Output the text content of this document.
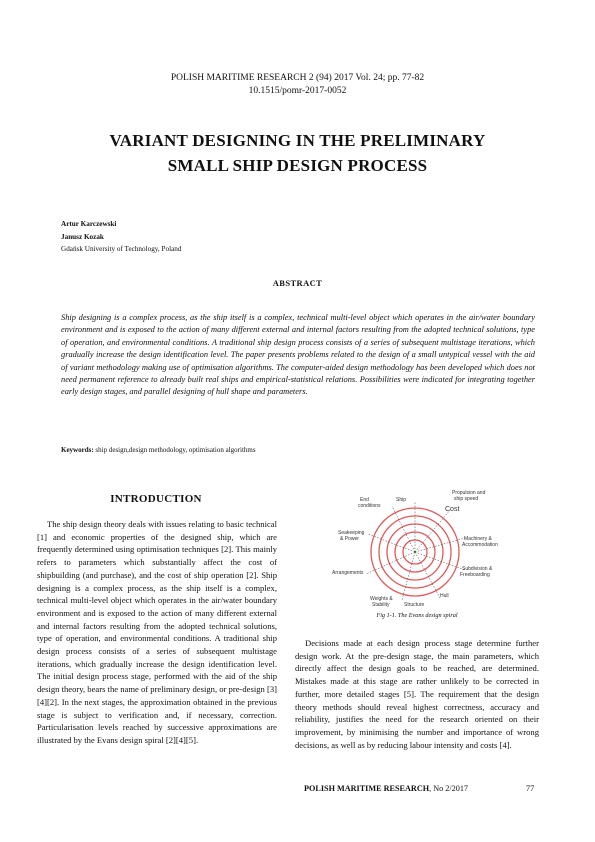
POLISH MARITIME RESEARCH 2 (94) 2017 Vol. 24; pp. 77-82
10.1515/pomr-2017-0052
VARIANT DESIGNING IN THE PRELIMINARY
SMALL SHIP DESIGN PROCESS
Artur Karczewski
Janusz Kozak
Gdańsk University of Technology, Poland
ABSTRACT
Ship designing is a complex process, as the ship itself is a complex, technical multi-level object which operates in the air/water boundary environment and is exposed to the action of many different external and internal factors resulting from the adopted technical solutions, type of operation, and environmental conditions. A traditional ship design process consists of a series of subsequent multistage iterations, which gradually increase the design identification level. The paper presents problems related to the design of a small untypical vessel with the aid of variant methodology making use of optimisation algorithms. The computer-aided design methodology has been developed which does not need permanent reference to already built real ships and empirical-statistical relations. Possibilities were indicated for integrating together early design stages, and parallel designing of hull shape and parameters.
Keywords: ship design,design methodology, optimisation algorithms
INTRODUCTION
The ship design theory deals with issues relating to basic technical [1] and economic properties of the designed ship, which are frequently determined using optimisation techniques [2]. This mainly refers to parameters which substantially affect the cost of shipbuilding (and purchase), and the cost of ship operation [2]. Ship designing is a complex process, as the ship itself is a complex, technical multi-level object which operates in the air/water boundary environment and is exposed to the action of many different external and internal factors resulting from the adopted technical solutions, type of operation, and environmental conditions. A traditional ship design process consists of a series of subsequent multistage iterations, which gradually increase the design identification level. The initial design process stage, performed with the aid of the ship design theory, bears the name of preliminary design, or pre-design [3][4][2]. In the next stages, the approximation obtained in the previous stage is subject to verification and, if necessary, correction. Particularisation levels reached by successive approximations are illustrated by the Evans design spiral [2][4][5].
Ship
End
conditions
Propulsion and
ship speed
Cost
Seakeeping
& Power	Machinery &
Accommodation
Arrangements
Subdivision &
Freeboarding
Hull
Weights &
Stability	Structure
Fig 1-1. The Evans design spiral
Decisions made at each design process stage determine further design work. At the pre-design stage, the main parameters, which directly affect the design goals to be reached, are determined. Mistakes made at this stage are rather unlikely to be corrected in further, more detailed stages [5]. The requirement that the design theory methods should reveal highest correctness, accuracy and reliability, justifies the need for the research oriented on their improvement, by minimising the number and importance of wrong decisions, as well as by reducing labour intensity and costs [4].
POLISH MARITIME RESEARCH, No 2/2017	77
